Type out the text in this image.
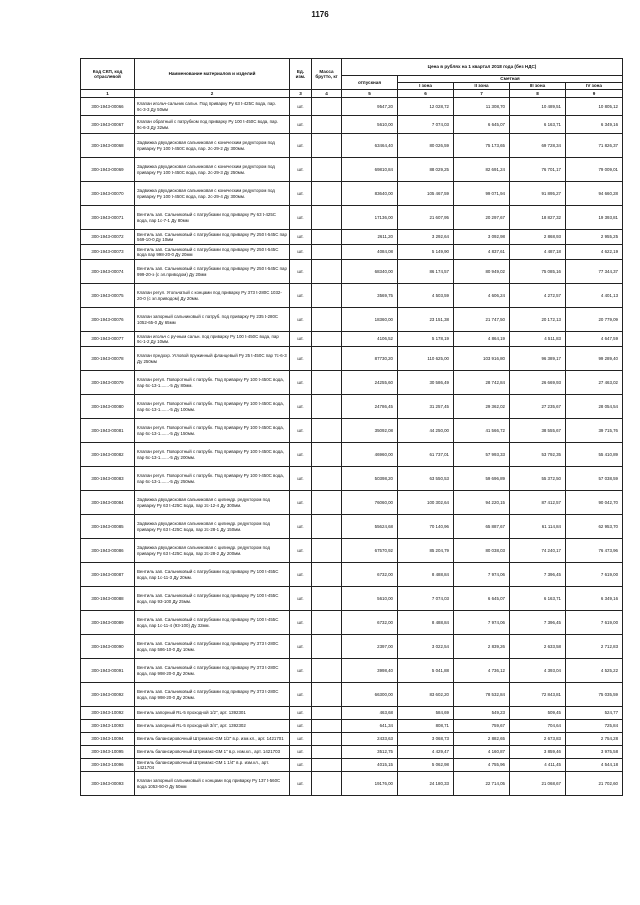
1176
Код СКП, код отраслевой	Наименование материалов и изделий	Ед. изм.	Масса брутто, кг	Цена в рублях на 1 квартал 2018 года (без НДС)				
				отпускная	Сметная			
					I зона	II зона	III зона	IV зона
1	2	3	4	5	6	7	8	9
300-1943-00066	Клапан игольч-сальник сальн. Под приварку Ру 63 t-425С вода, пар. 9с-3-3 Ду 50мм	шт.		9547,20	12 028,72	11 308,70	10 489,51	10 805,12
300-1943-00067	Клапан обратный с патрубком под приварку Ру 100 t-450С вода, пар. 9с-6-3 Ду 32мм.	шт.		5610,00	7 074,03	6 645,07	6 163,71	6 349,16
300-1943-00068	Задвижка двухдисковая сальниковая с коническим редуктором под приварку Ру 100 t-450С вода, пар. 2с-29-2 Ду 300мм.	шт.		63464,40	80 026,59	75 173,65	69 728,34	71 826,37
300-1943-00069	Задвижка двухдисковая сальниковая с коническим редуктором под приварку Ру 100 t-450С вода, пар. 2с-29-3 Ду 250мм.	шт.		69810,84	88 029,25	82 691,24	76 701,17	79 009,01
300-1943-00070	Задвижка двухдисковая сальниковая с коническим редуктором под приварку Ру 100 t-450С вода, пар. 2с-29-4 Ду 300мм.	шт.		83640,00	105 467,59	99 071,94	91 895,27	94 660,28
300-1943-00071	Вентиль зап. Сальниковый с патрубками под приварку Ру 63 t-425С вода, пар 1с-7-1 Ду 80мм	шт.		17136,00	21 607,95	20 297,67	18 827,32	19 393,81
300-1943-00072	Вентиль зап. Сальниковый с патрубками под приварку Ру 250 t-545С пар 569-10-0 Ду 10мм	шт.		2611,20	3 292,64	3 092,98	2 868,93	2 955,25
300-1943-00073	Вентиль зап. Сальниковый с патрубками под приварку Ру 250 t-545С вода пар 998-20-0 Ду 20мм	шт.		4084,08	5 149,90	4 837,61	4 487,18	4 622,19
300-1943-00074	Вентиль зап. Сальниковый с патрубками под приварку Ру 250 t-545С пар 999-20-э (с эл.приводом) Ду 20мм	шт.		68340,00	86 174,57	80 949,02	75 085,16	77 344,37
300-1943-00075	Клапан регул. Угольчатый с концами под приварку Ру 373 t-280С 1032-20-0 (с эл.приводом) Ду 20мм.	шт.		3569,75	4 503,59	4 606,24	4 272,57	4 401,13
300-1943-00076	Клапан запорный сальниковый с патруб. под приварку Ру 235 t-280С 1052-65-0 Ду 65мм	шт.		18360,00	23 151,38	21 747,50	20 172,13	20 779,09
300-1943-00077	Клапан игольч с ручным сальн. под приварку Ру 100 t-450С вода, пар 9с-1-2 Ду 10мм.	шт.		4106,52	5 178,19	4 864,19	4 511,83	4 647,59
300-1943-00078	Клапан предохр. Угловой пружинный фланцевый Ру 25 t-450С пар 7с-6-3 Ду 250мм	шт.		87730,20	110 625,00	103 916,80	96 389,17	99 289,40
300-1943-00079	Клапан регул. Поворотный с патрубк. Под приварку Ру 100 t-450С вода, пар 6с-13-1.......-5 Ду 80мм.	шт.		24255,60	30 586,49	28 742,84	26 669,93	27 463,02
300-1943-00080	Клапан регул. Поворотный с патрубк. Под приварку Ру 100 t-450С вода, пар 6с-13-1.......-5 Ду 100мм.	шт.		24786,45	31 257,45	29 362,02	27 235,67	28 054,54
300-1943-00081	Клапан регул. Поворотный с патрубк. Под приварку Ру 100 t-450С вода, пар 6с-13-1.......-5 Ду 150мм.	шт.		35092,08	44 250,00	41 566,72	38 555,67	39 715,76
300-1943-00082	Клапан регул. Поворотный с патрубк. Под приварку Ру 100 t-450С вода, пар 6с-13-1.......-5 Ду 200мм.	шт.		46960,00	61 737,01	57 993,33	53 792,35	55 410,89
300-1943-00083	Клапан регул. Поворотный с патрубк. Под приварку Ру 100 t-450С вода, пар 6с-13-1.......-5 Ду 250мм.	шт.		50398,20	63 550,53	59 696,89	55 372,50	57 038,59
300-1943-00084	Задвижка двухдисковая сальниковая с цилиндр. редуктором под приварку Ру 63 t-425С вода, пар 2с-12-4 Ду 300мм.	шт.		76060,00	100 302,64	94 220,15	87 412,57	90 042,70
300-1943-00085	Задвижка двухдисковая сальниковая с цилиндр. редуктором под приварку Ру 63 t-425С вода, пар 2с-28-1 Ду 150мм.	шт.		55624,68	70 140,96	65 887,67	61 114,84	62 953,70
300-1943-00086	Задвижка двухдисковая сальниковая с цилиндр. редуктором под приварку Ру 63 t-425С вода, пар 2с-28-2 Ду 200мм.	шт.		67570,92	85 204,79	80 038,03	74 240,17	76 473,96
300-1943-00087	Вентиль зап. Сальниковый с патрубками под приварку Ру 100 t-455С вода, пар 1с-11-3 Ду 20мм.	шт.		6732,00	8 488,84	7 974,06	7 396,45	7 619,00
300-1943-00088	Вентиль зап. Сальниковый с патрубками под приварку Ру 100 t-455С вода, пар 93-100 Ду 25мм.	шт.		5610,00	7 074,03	6 645,07	6 163,71	6 349,16
300-1943-00089	Вентиль зап. Сальниковый с патрубками под приварку Ру 100 t-455С вода, пар 1с-11-4 (93-100) Ду 32мм.	шт.		6732,00	8 488,84	7 974,06	7 396,45	7 619,00
300-1943-00090	Вентиль зап. Сальниковый с патрубками под приварку Ру 373 t-280С вода, пар 586-10-0 Ду 10мм.	шт.		2397,00	3 022,54	2 839,26	2 633,58	2 712,83
300-1943-00091	Вентиль зап. Сальниковый с патрубками под приварку Ру 373 t-280С вода, пар 998-20-0 Ду 20мм.	шт.		3998,40	5 041,88	4 736,12	4 393,04	4 525,22
300-1943-00092	Вентиль зап. Сальниковый с патрубками под приварку Ру 373 t-280С вода, пар 998-20-0 Ду 20мм.	шт.		66300,00	83 602,20	78 532,84	72 843,81	75 035,59
300-1943-10092	Вентиль запорный RL-5 проходной 1/2", арт. 1392301	шт.		463,68	584,69	549,23	509,45	524,77
300-1943-10093	Вентиль запорный RL-5 проходной 3/4", арт. 1392302	шт.		641,34	808,71	759,67	704,64	725,84
300-1943-10094	Вентиль балансировочный Штремакс-GM 1/2" в.р. изм.кл., арт. 1421701	шт.		2433,63	3 068,73	2 882,65	2 673,83	2 754,28
300-1943-10095	Вентиль балансировочный Штремакс-GM 1" в.р. изм.кл., арт. 1421703	шт.		3512,75	4 429,47	4 160,87	3 859,46	3 975,58
300-1943-10096	Вентиль балансировочный Штремакс-GM 1 1/4" в.р. изм.кл., арт. 1421704	шт.		4015,15	5 062,98	4 755,96	4 411,45	4 544,18
300-1943-00093	Клапан запорный сальниковый с концами под приварку Ру 137 t-560С вода 1053-50-0 Ду 50мм	шт.		19176,00	24 180,33	22 714,05	21 068,67	21 702,60
